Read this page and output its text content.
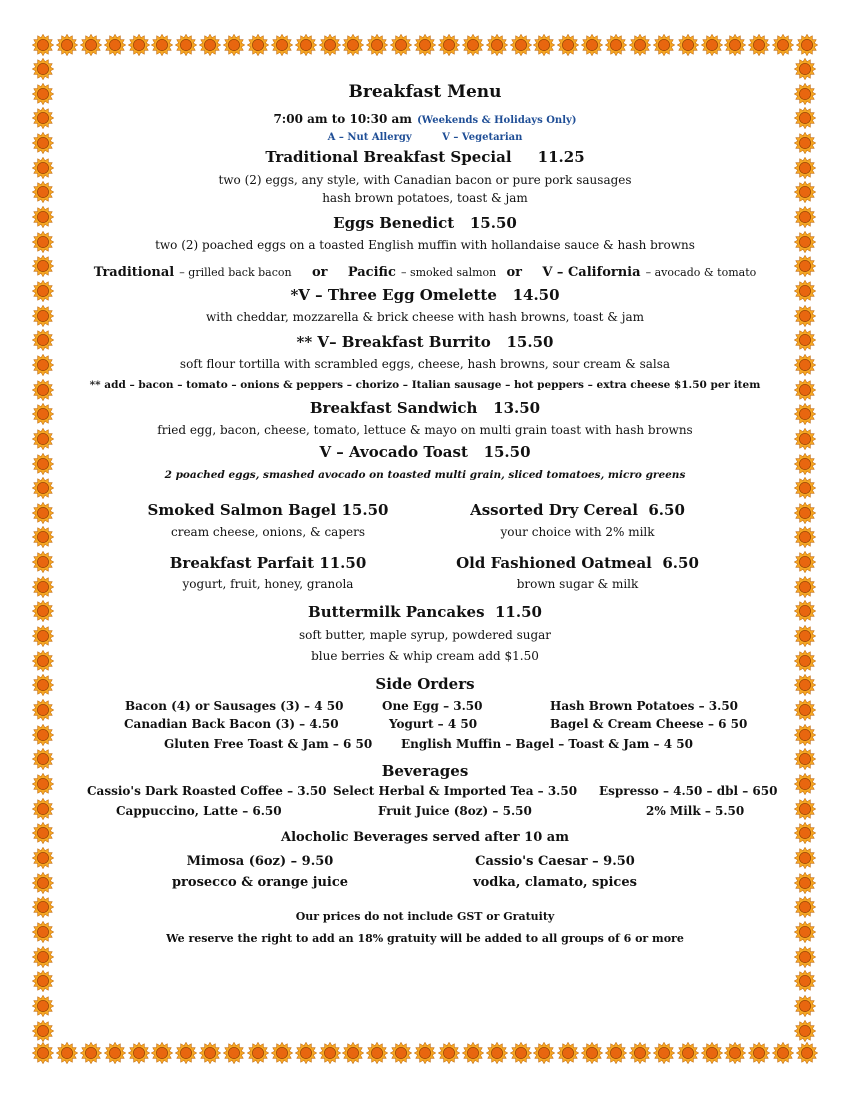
Breakfast Menu
7:00 am to 10:30 am (Weekends & Holidays Only)
A – Nut Allergy	V – Vegetarian
Traditional Breakfast Special 11.25
two (2) eggs, any style, with Canadian bacon or pure pork sausages
hash brown potatoes, toast & jam
Eggs Benedict 15.50
two (2) poached eggs on a toasted English muffin with hollandaise sauce & hash browns
Traditional – grilled back bacon or Pacific – smoked salmon or V – California – avocado & tomato
*V – Three Egg Omelette 14.50
with cheddar, mozzarella & brick cheese with hash browns, toast & jam
** V– Breakfast Burrito 15.50
soft flour tortilla with scrambled eggs, cheese, hash browns, sour cream & salsa
** add – bacon – tomato – onions & peppers – chorizo – Italian sausage – hot peppers – extra cheese $1.50 per item
Breakfast Sandwich 13.50
fried egg, bacon, cheese, tomato, lettuce & mayo on multi grain toast with hash browns
V – Avocado Toast 15.50
2 poached eggs, smashed avocado on toasted multi grain, sliced tomatoes, micro greens
Smoked Salmon Bagel 15.50
cream cheese, onions, & capers
Assorted Dry Cereal 6.50
your choice with 2% milk
Breakfast Parfait 11.50
yogurt, fruit, honey, granola
Old Fashioned Oatmeal 6.50
brown sugar & milk
Buttermilk Pancakes 11.50
soft butter, maple syrup, powdered sugar
blue berries & whip cream add $1.50
Side Orders
Bacon (4) or Sausages (3) – 4 50	One Egg – 3.50	Hash Brown Potatoes – 3.50
Canadian Back Bacon (3) – 4.50	Yogurt – 4 50	Bagel & Cream Cheese – 6 50
Gluten Free Toast & Jam – 6 50 English Muffin – Bagel – Toast & Jam – 4 50
Beverages
Cassio's Dark Roasted Coffee – 3.50 Select Herbal & Imported Tea – 3.50 Espresso – 4.50 – dbl – 650
Cappuccino, Latte – 6.50	Fruit Juice (8oz) – 5.50	2% Milk – 5.50
Alocholic Beverages served after 10 am
Mimosa (6oz) – 9.50
prosecco & orange juice
Cassio's Caesar – 9.50
vodka, clamato, spices
Our prices do not include GST or Gratuity
We reserve the right to add an 18% gratuity will be added to all groups of 6 or more
